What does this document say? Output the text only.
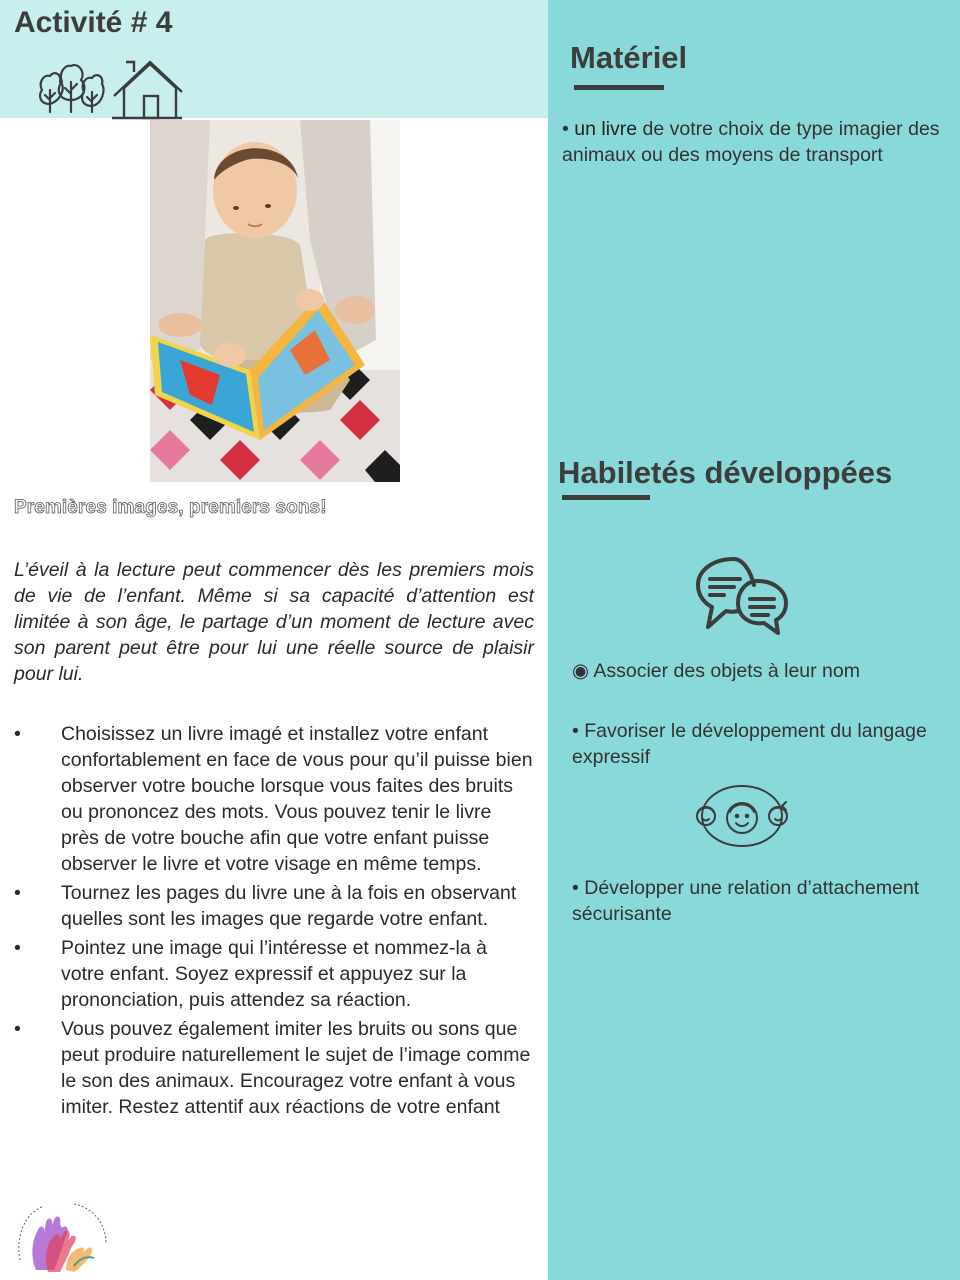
Activité # 4
Matériel
• un livre de votre choix de type imagier des animaux ou des moyens de transport
Habiletés développées
◉ Associer des objets à leur nom
• Favoriser le développement du langage expressif
• Développer une relation d’attachement sécurisante
Premières images, premiers sons!

L’éveil à la lecture peut commencer dès les premiers mois de vie de l’enfant. Même si sa capacité d’attention est limitée à son âge, le partage d’un moment de lecture avec son parent peut être pour lui une réelle source de plaisir pour lui.

• Choisissez un livre imagé et installez votre enfant confortablement en face de vous pour qu’il puisse bien observer votre bouche lorsque vous faites des bruits ou prononcez des mots. Vous pouvez tenir le livre près de votre bouche afin que votre enfant puisse observer le livre et votre visage en même temps.
• Tournez les pages du livre une à la fois en observant quelles sont les images que regarde votre enfant.
• Pointez une image qui l’intéresse et nommez-la à votre enfant. Soyez expressif et appuyez sur la prononciation, puis attendez sa réaction.
• Vous pouvez également imiter les bruits ou sons que peut produire naturellement le sujet de l’image comme le son des animaux. Encouragez votre enfant à vous imiter. Restez attentif aux réactions de votre enfant
